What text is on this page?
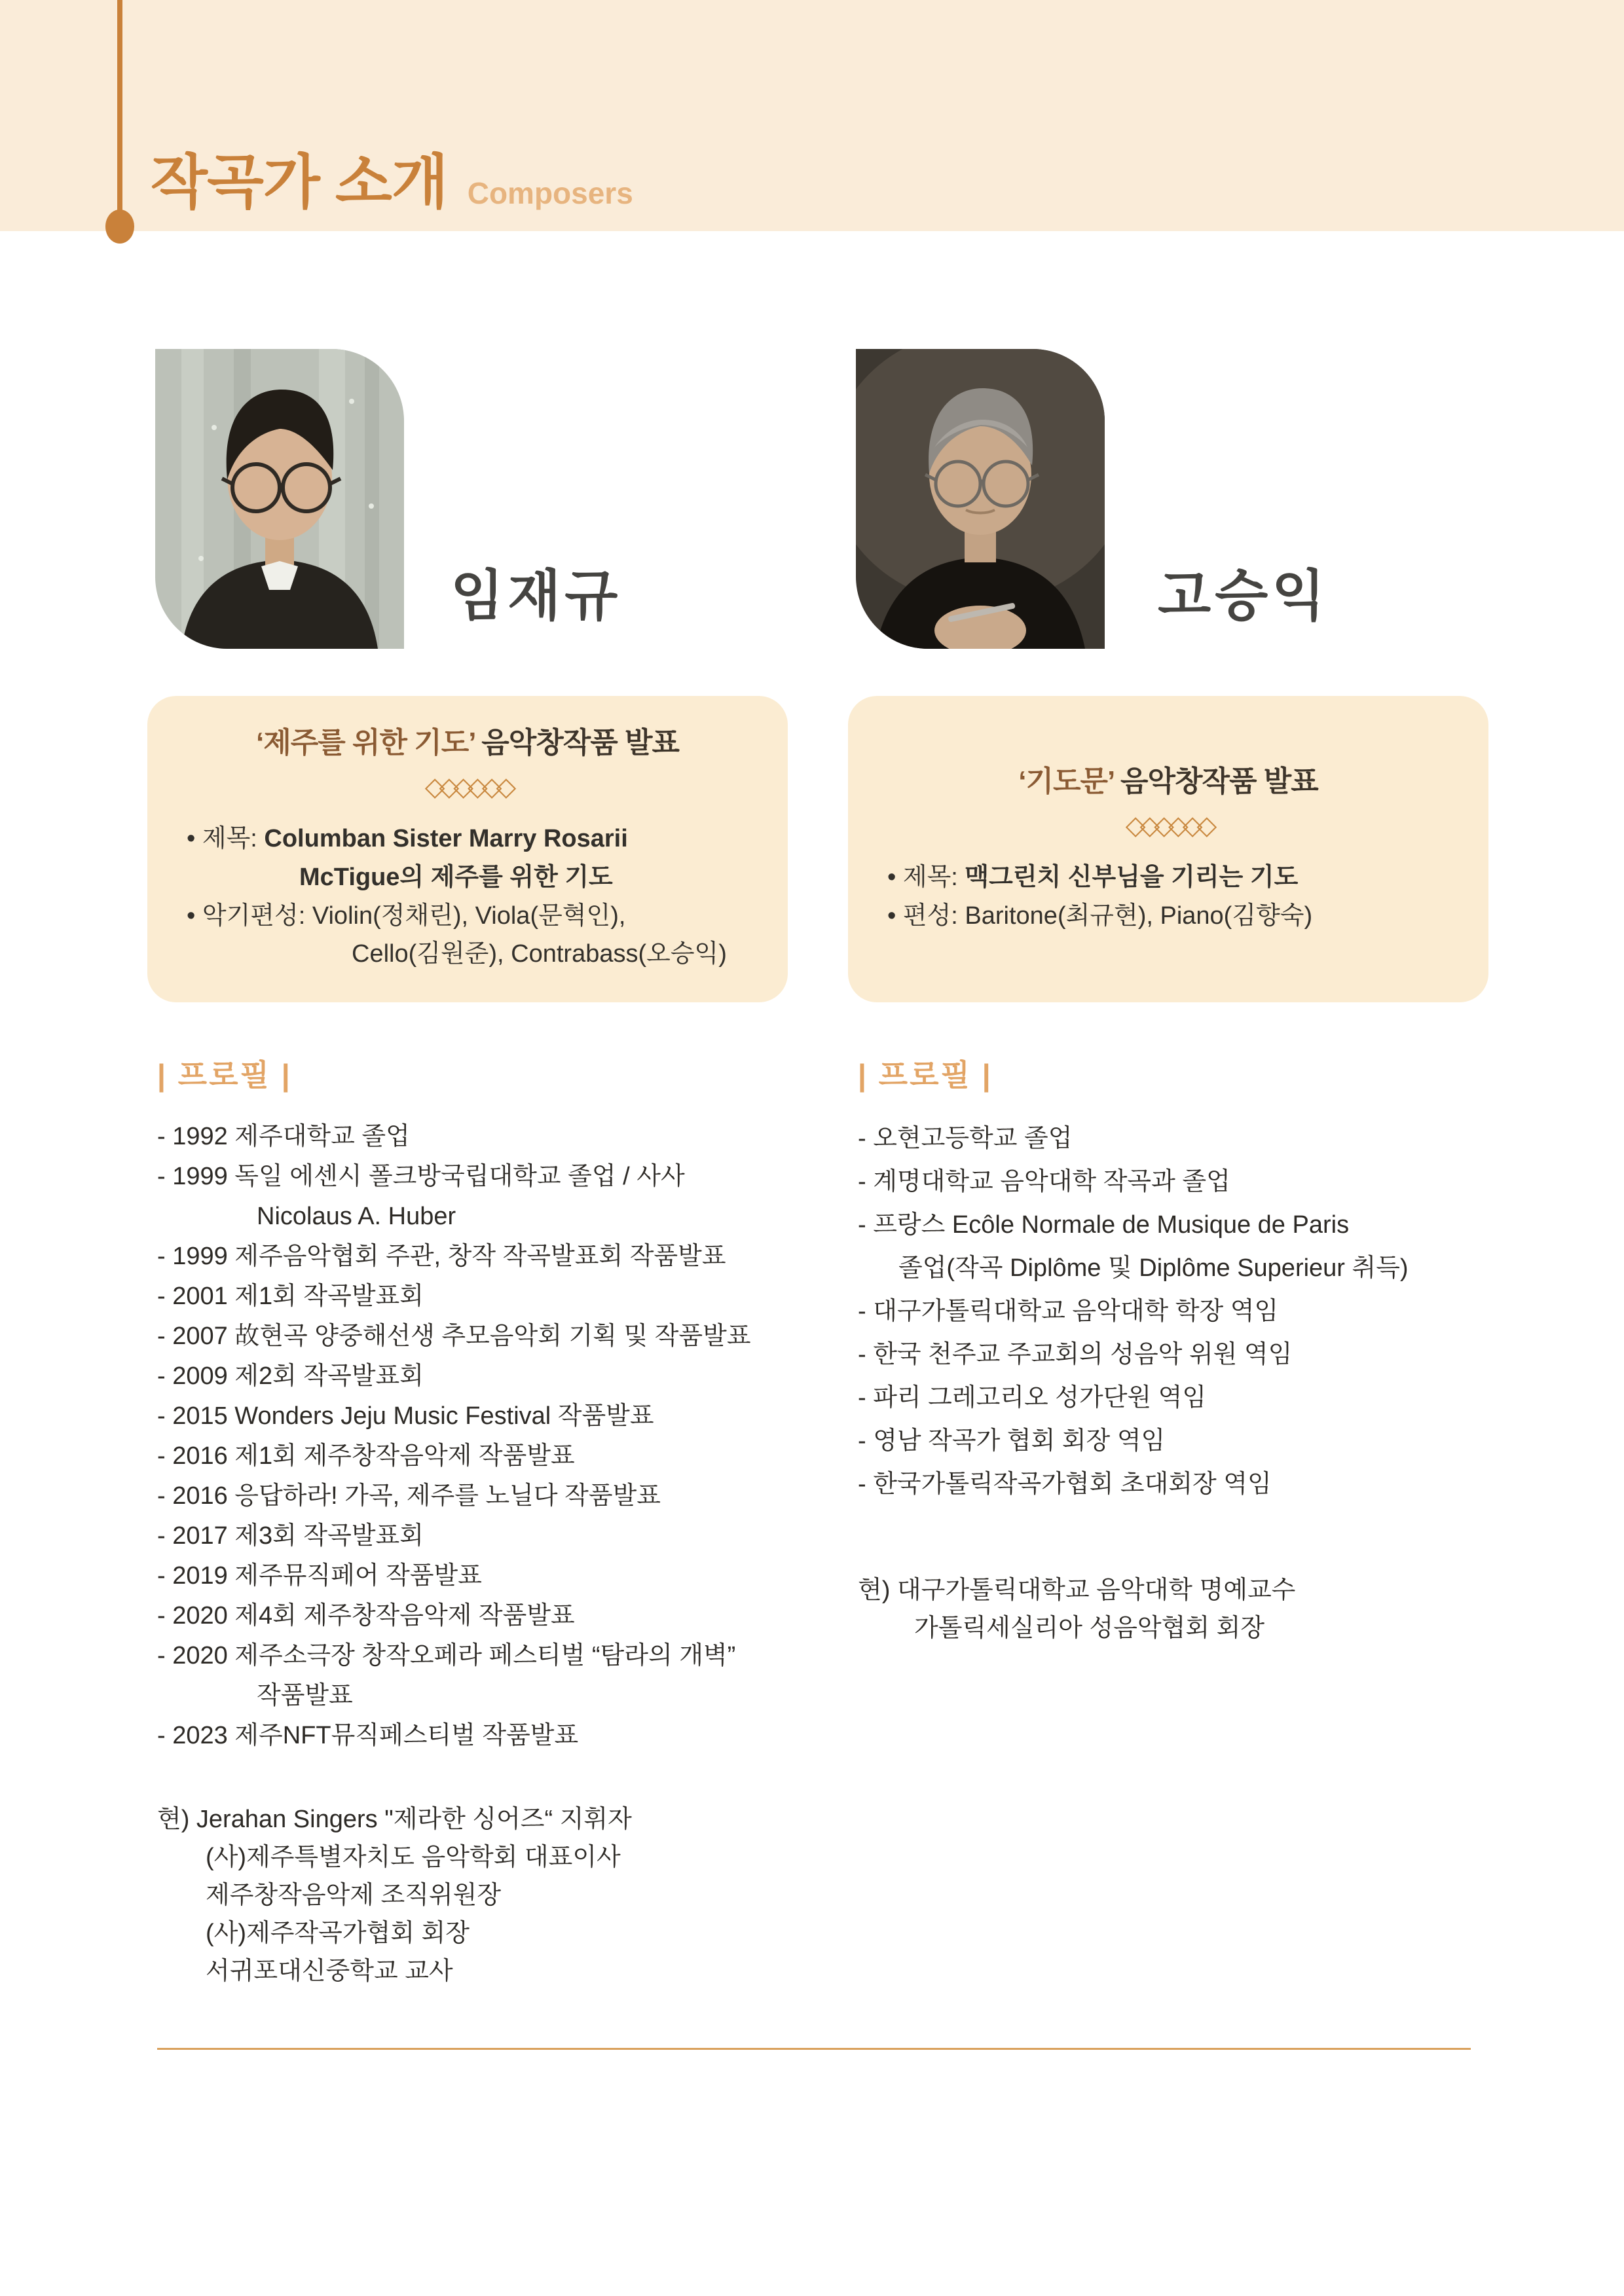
작곡가 소개 Composers
임재규	고승익
‘제주를 위한 기도’ 음악창작품 발표
◇◇◇◇◇◇
• 제목: Columban Sister Marry Rosarii
McTigue의 제주를 위한 기도
• 악기편성: Violin(정채린), Viola(문혁인),
Cello(김원준), Contrabass(오승익)
‘기도문’ 음악창작품 발표
◇◇◇◇◇◇
• 제목: 맥그린치 신부님을 기리는 기도
• 편성: Baritone(최규현), Piano(김향숙)
| 프로필 |
- 1992 제주대학교 졸업
- 1999 독일 에센시 폴크방국립대학교 졸업 / 사사
Nicolaus A. Huber
- 1999 제주음악협회 주관, 창작 작곡발표회 작품발표
- 2001 제1회 작곡발표회
- 2007 故현곡 양중해선생 추모음악회 기획 및 작품발표
- 2009 제2회 작곡발표회
- 2015 Wonders Jeju Music Festival 작품발표
- 2016 제1회 제주창작음악제 작품발표
- 2016 응답하라! 가곡, 제주를 노닐다 작품발표
- 2017 제3회 작곡발표회
- 2019 제주뮤직페어 작품발표
- 2020 제4회 제주창작음악제 작품발표
- 2020 제주소극장 창작오페라 페스티벌 “탐라의 개벽”
작품발표
- 2023 제주NFT뮤직페스티벌 작품발표
현) Jerahan Singers "제라한 싱어즈“ 지휘자
(사)제주특별자치도 음악학회 대표이사
제주창작음악제 조직위원장
(사)제주작곡가협회 회장
서귀포대신중학교 교사
| 프로필 |
- 오현고등학교 졸업
- 계명대학교 음악대학 작곡과 졸업
- 프랑스 Ecôle Normale de Musique de Paris
졸업(작곡 Diplôme 및 Diplôme Superieur 취득)
- 대구가톨릭대학교 음악대학 학장 역임
- 한국 천주교 주교회의 성음악 위원 역임
- 파리 그레고리오 성가단원 역임
- 영남 작곡가 협회 회장 역임
- 한국가톨릭작곡가협회 초대회장 역임
현) 대구가톨릭대학교 음악대학 명예교수
가톨릭세실리아 성음악협회 회장
